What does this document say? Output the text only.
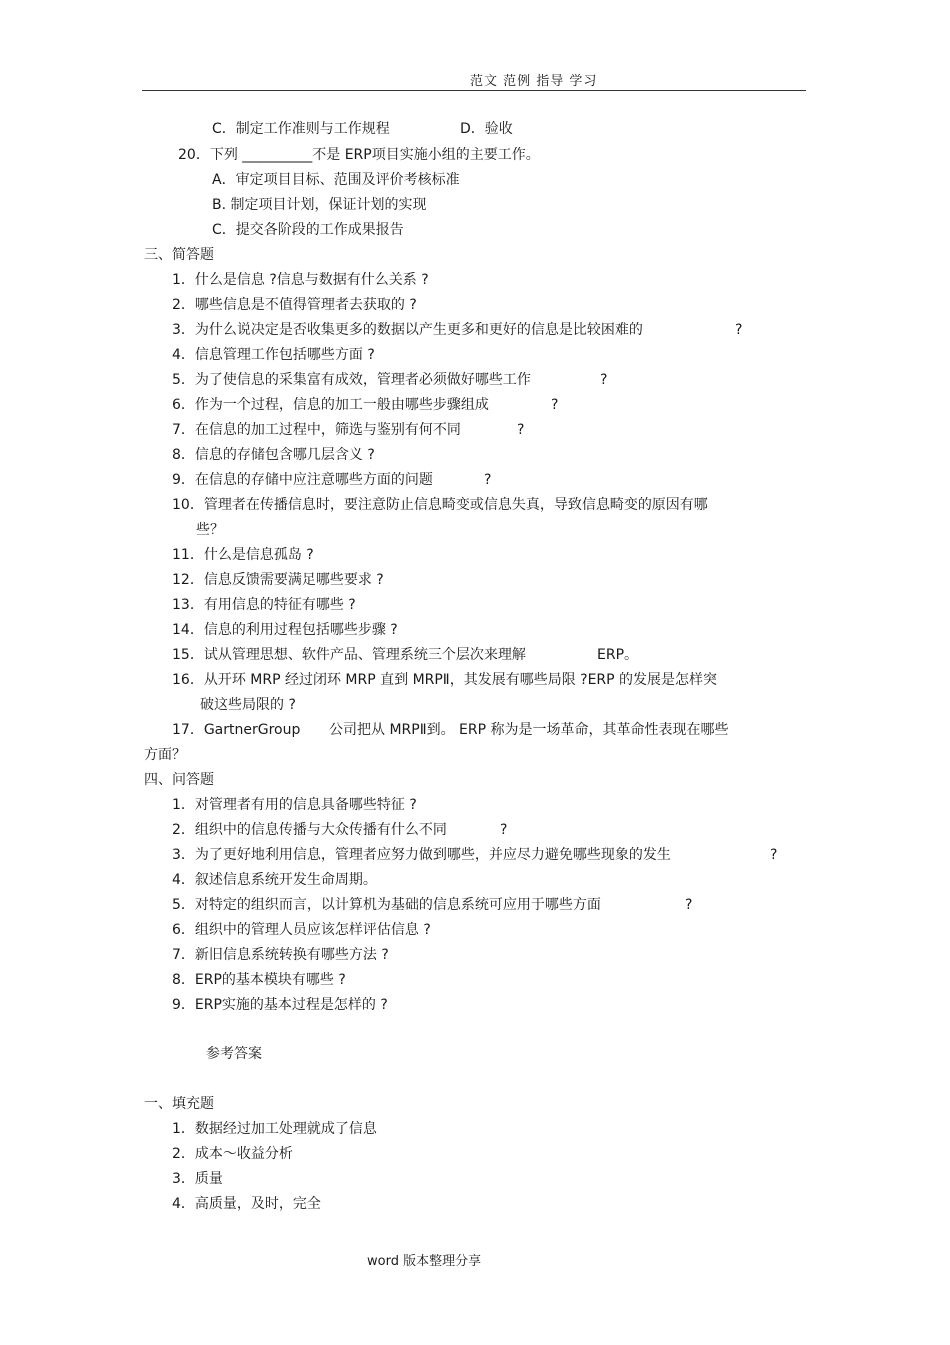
范文 范例 指导 学习
C．制定工作准则与工作规程	D．验收
20．下列 __________不是 ERP项目实施小组的主要工作。
A．审定项目目标、范围及评价考核标准
B. 制定项目计划，保证计划的实现
C．提交各阶段的工作成果报告
三、简答题
1．什么是信息 ?信息与数据有什么关系 ?
2．哪些信息是不值得管理者去获取的 ?
3．为什么说决定是否收集更多的数据以产生更多和更好的信息是比较困难的	?
4．信息管理工作包括哪些方面 ?
5．为了使信息的采集富有成效，管理者必须做好哪些工作	?
6．作为一个过程，信息的加工一般由哪些步骤组成	?
7．在信息的加工过程中，筛选与鉴别有何不同	?
8．信息的存储包含哪几层含义 ?
9．在信息的存储中应注意哪些方面的问题	?
10．管理者在传播信息时，要注意防止信息畸变或信息失真，导致信息畸变的原因有哪
些？
11．什么是信息孤岛 ?
12．信息反馈需要满足哪些要求 ?
13．有用信息的特征有哪些 ?
14．信息的利用过程包括哪些步骤 ?
15．试从管理思想、软件产品、管理系统三个层次来理解	ERP。
16．从开环 MRP 经过闭环 MRP 直到 MRPⅡ，其发展有哪些局限 ?ERP 的发展是怎样突
破这些局限的 ?
17．GartnerGroup 公司把从 MRPⅡ到。 ERP 称为是一场革命，其革命性表现在哪些
方面？
四、问答题
1．对管理者有用的信息具备哪些特征 ?
2．组织中的信息传播与大众传播有什么不同	?
3．为了更好地利用信息，管理者应努力做到哪些，并应尽力避免哪些现象的发生	?
4．叙述信息系统开发生命周期。
5．对特定的组织而言，以计算机为基础的信息系统可应用于哪些方面	?
6．组织中的管理人员应该怎样评估信息 ?
7．新旧信息系统转换有哪些方法 ?
8．ERP的基本模块有哪些 ?
9．ERP实施的基本过程是怎样的 ?
参考答案
一、填充题
1．数据经过加工处理就成了信息
2．成本～收益分析
3．质量
4．高质量，及时，完全
word 版本整理分享
